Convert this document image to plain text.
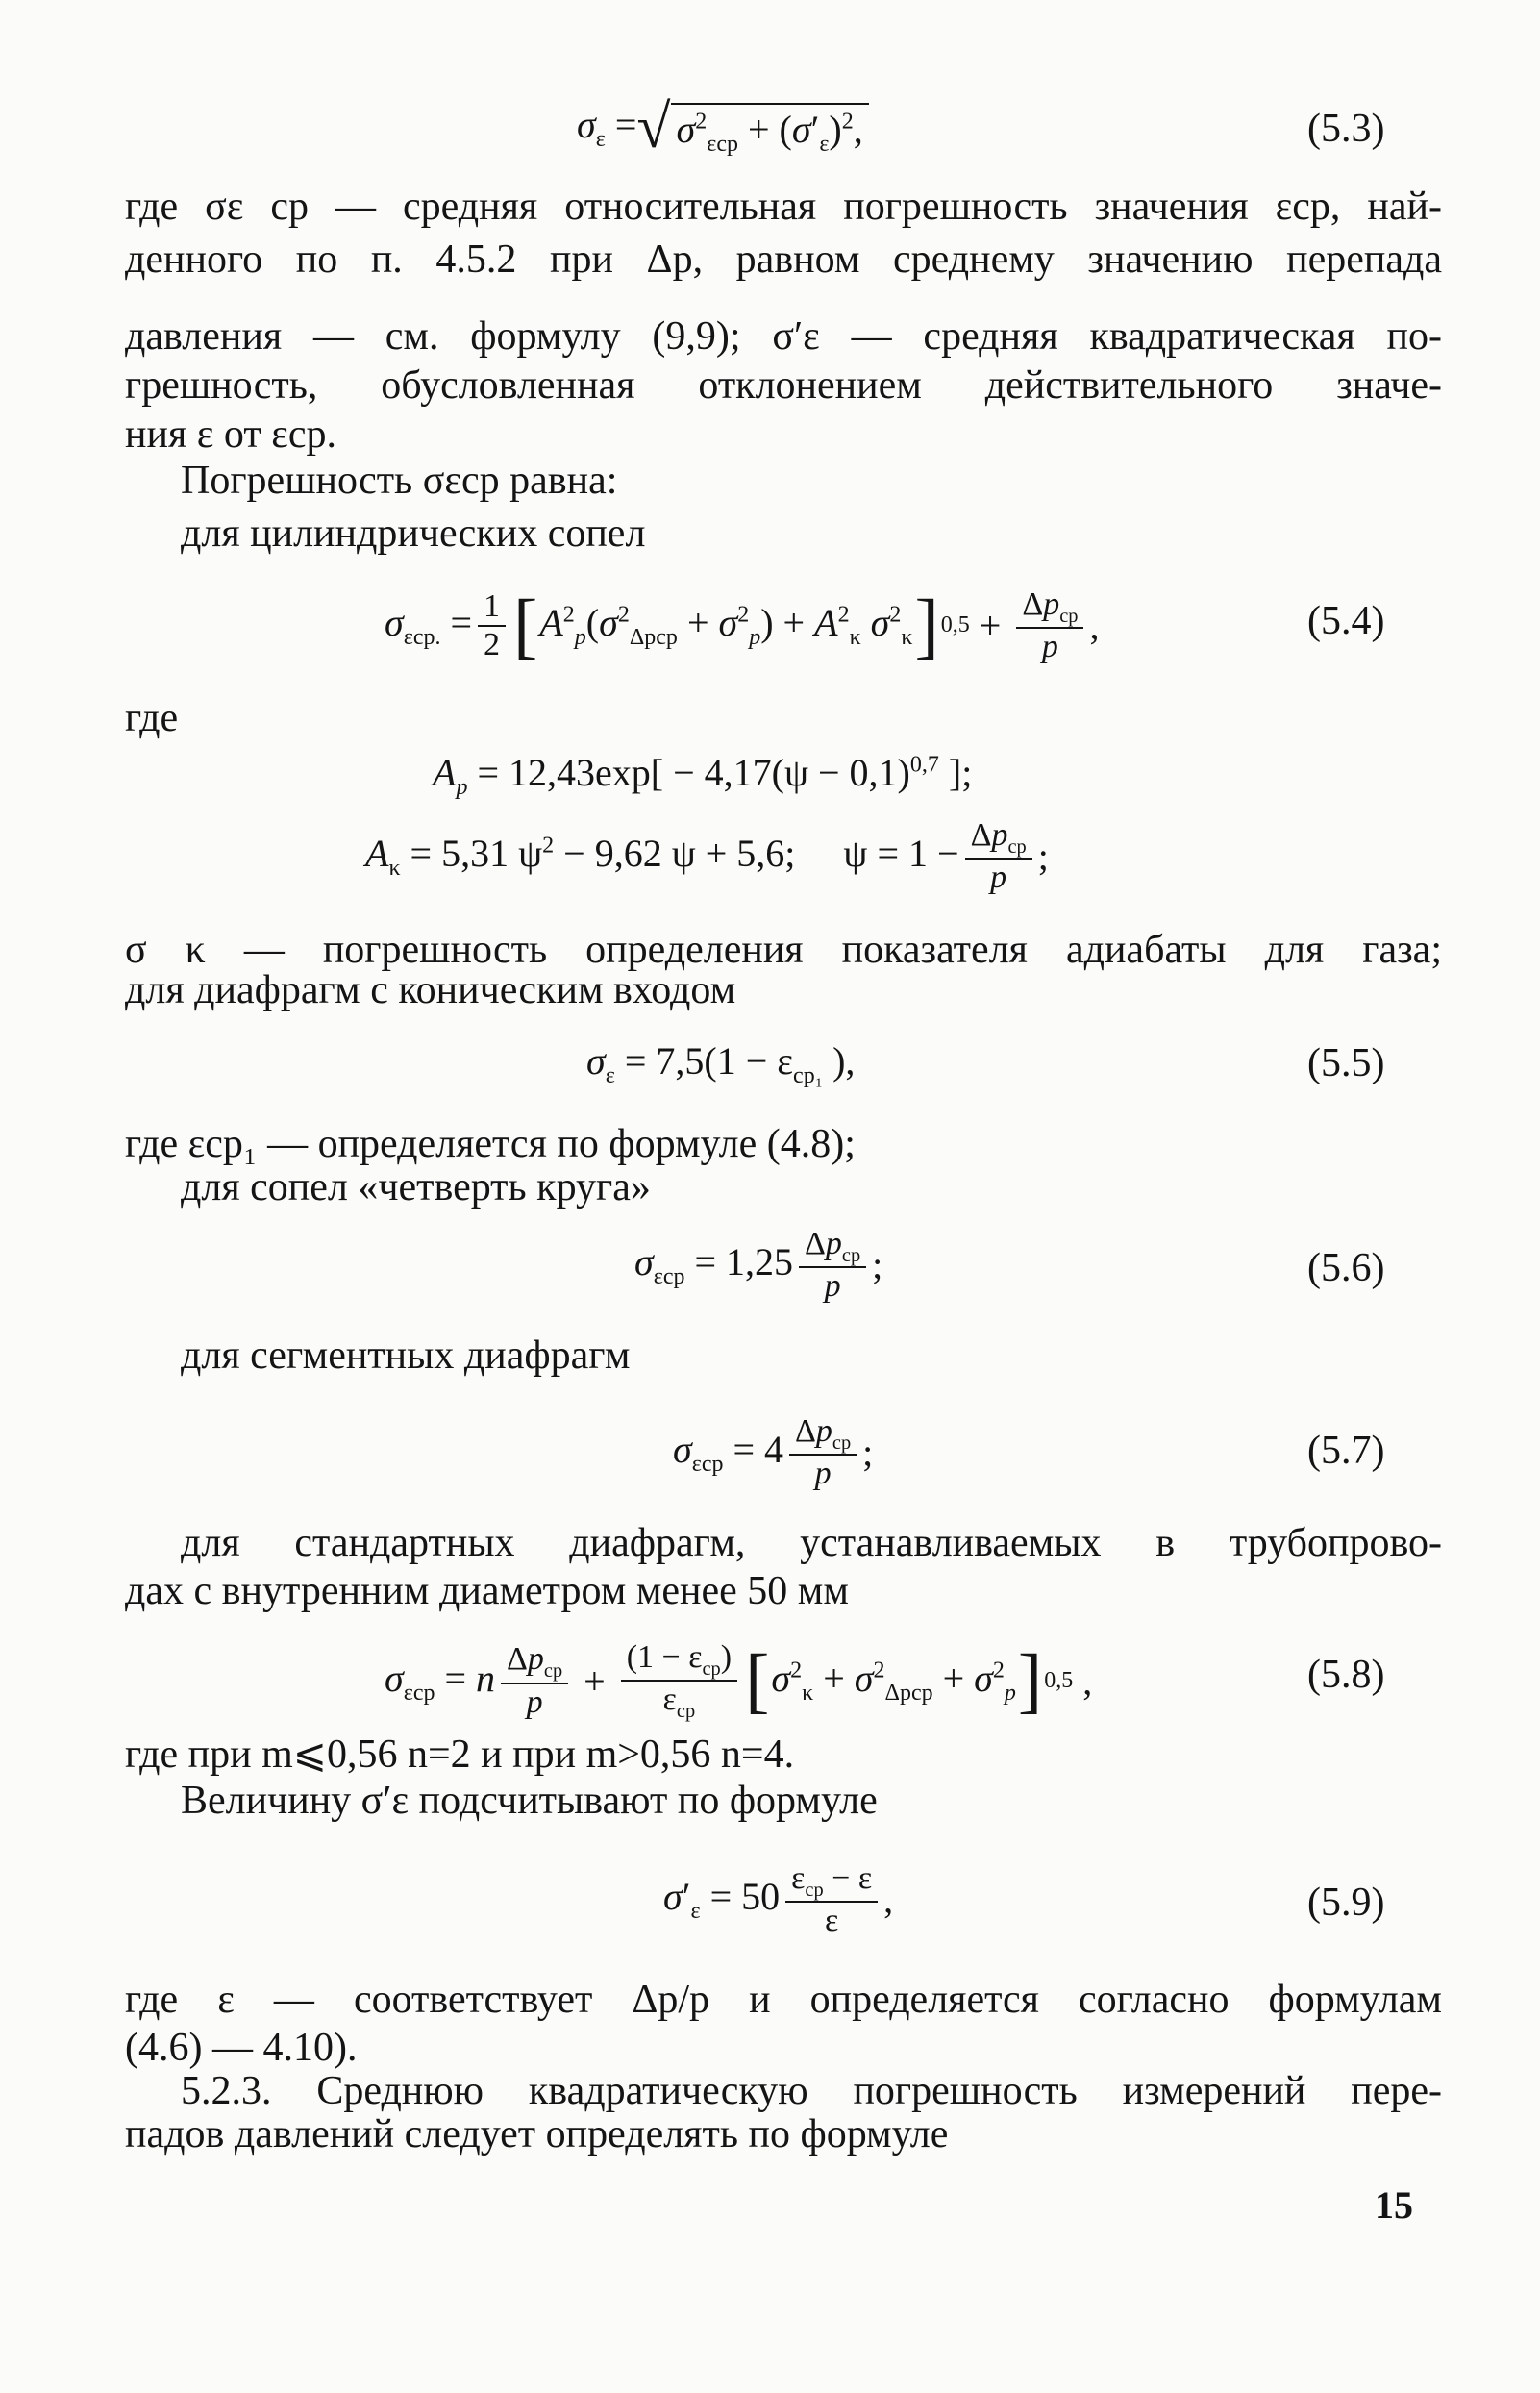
$\sigma_\varepsilon$ = √ $\sigma^2_{\varepsilon ср} + (\sigma'_\varepsilon)^2$,	(5.3)
где σε ср — средняя относительная погрешность значения εср, най-
денного по п. 4.5.2 при Δp, равном среднему значению перепада
давления — см. формулу (9,9); σ′ε — средняя квадратическая по-
грешность, обусловленная отклонением действительного значе-
ния ε от εср.
Погрешность σεср равна:
для цилиндрических сопел
$\sigma_{\varepsilon ср.} = \frac{1}{2}$ [ $A^2_p(\sigma^2_{\Delta pср} + \sigma^2_p) + A^2_\kappa$ $\sigma^2_\kappa$ ] $0,5 + \frac{\Delta p_{ср}}{p}$ ,	(5.4)
где
$A_p = 12,43\exp[ - 4,17(\psi - 0,1)^{0,7}$ ];
$A_\kappa = 5,31$ $\psi^2 - 9,62$ ψ + 5,6;     $\psi = 1 - \frac{\Delta p_{ср}}{p}$ ;
σ κ — погрешность определения показателя адиабаты для газа;
для диафрагм с коническим входом
$\sigma_\varepsilon = 7,5(1 - \varepsilon_{ср_1}$ ),	(5.5)
где εср₁ — определяется по формуле (4.8);
для сопел «четверть круга»
$\sigma_{\varepsilon ср} = 1,25 \frac{\Delta p_{ср}}{p}$ ;	(5.6)
для сегментных диафрагм
$\sigma_{\varepsilon ср} = 4 \frac{\Delta p_{ср}}{p}$ ;	(5.7)
для стандартных диафрагм, устанавливаемых в трубопрово-
дах с внутренним диаметром менее 50 мм
$\sigma_{\varepsilon ср} = n \frac{\Delta p_{ср}}{p} + \frac{(1 - \varepsilon_{ср})}{\varepsilon_{ср}}$ [ $\sigma^2_\kappa + \sigma^2_{\Delta pср} + \sigma^2_p$ ] 0,5 ,	(5.8)
где при m⩽0,56 n=2 и при m>0,56 n=4.
Величину σ′ε подсчитывают по формуле
$\sigma'_\varepsilon = 50 \frac{\varepsilon_{ср} - \varepsilon}{\varepsilon}$ ,	(5.9)
где ε — соответствует Δp/p и определяется согласно формулам
(4.6) — 4.10).
5.2.3. Среднюю квадратическую погрешность измерений пере-
падов давлений следует определять по формуле
15
